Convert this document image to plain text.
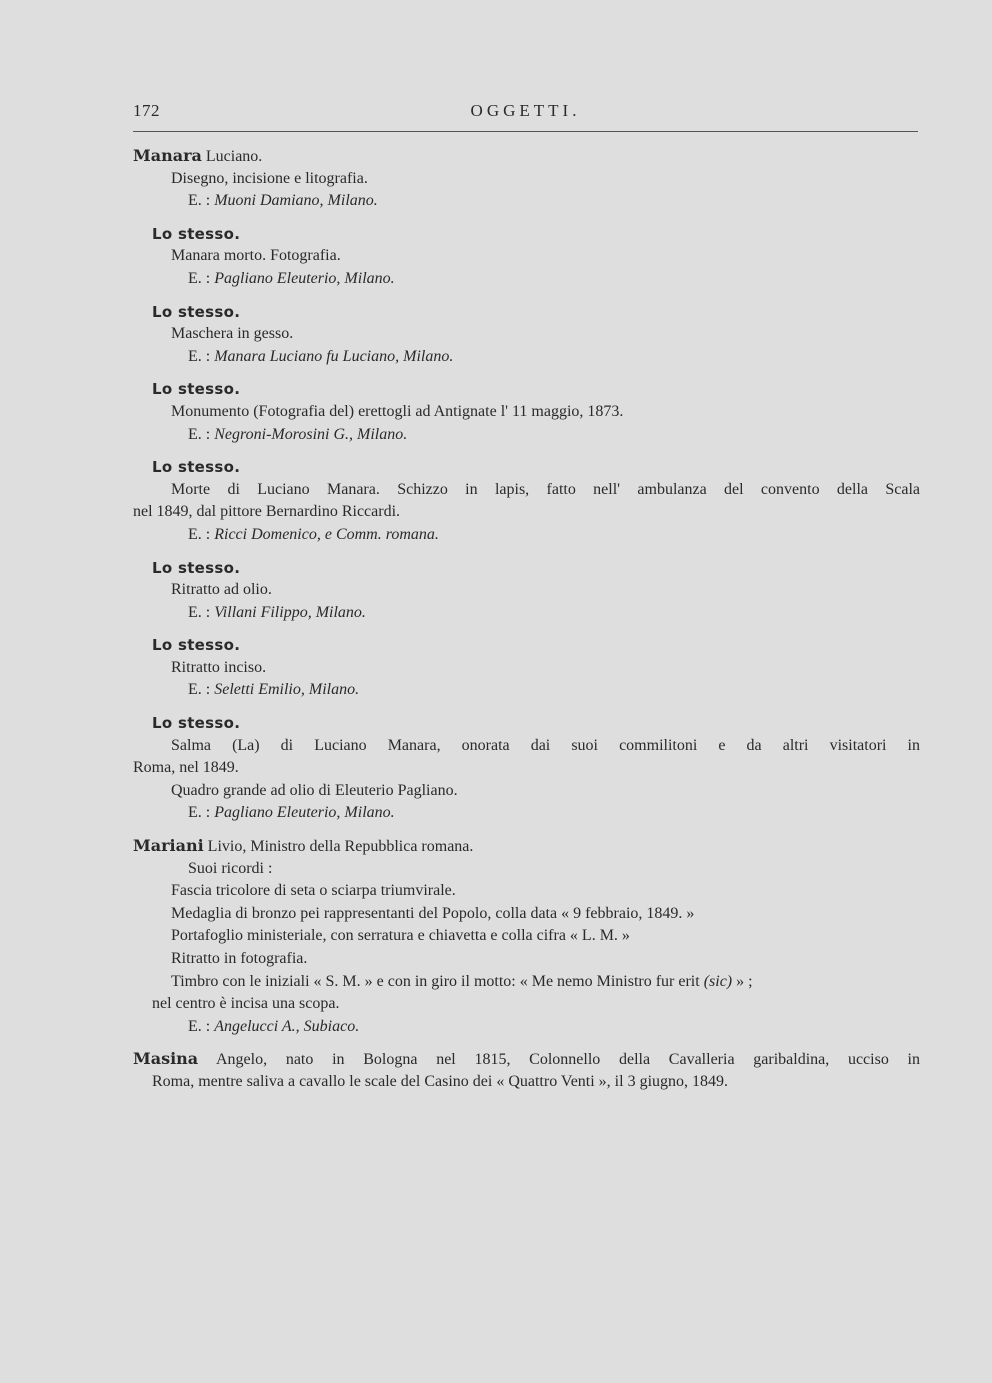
172	OGGETTI.
Manara Luciano.
Disegno, incisione e litografia.
E. : Muoni Damiano, Milano.
Lo stesso.
Manara morto. Fotografia.
E. : Pagliano Eleuterio, Milano.
Lo stesso.
Maschera in gesso.
E. : Manara Luciano fu Luciano, Milano.
Lo stesso.
Monumento (Fotografia del) erettogli ad Antignate l' 11 maggio, 1873.
E. : Negroni-Morosini G., Milano.
Lo stesso.
Morte di Luciano Manara. Schizzo in lapis, fatto nell' ambulanza del convento della Scala
nel 1849, dal pittore Bernardino Riccardi.
E. : Ricci Domenico, e Comm. romana.
Lo stesso.
Ritratto ad olio.
E. : Villani Filippo, Milano.
Lo stesso.
Ritratto inciso.
E. : Seletti Emilio, Milano.
Lo stesso.
Salma (La) di Luciano Manara, onorata dai suoi commilitoni e da altri visitatori in
Roma, nel 1849.
Quadro grande ad olio di Eleuterio Pagliano.
E. : Pagliano Eleuterio, Milano.
Mariani Livio, Ministro della Repubblica romana.
Suoi ricordi :
Fascia tricolore di seta o sciarpa triumvirale.
Medaglia di bronzo pei rappresentanti del Popolo, colla data « 9 febbraio, 1849. »
Portafoglio ministeriale, con serratura e chiavetta e colla cifra « L. M. »
Ritratto in fotografia.
Timbro con le iniziali « S. M. » e con in giro il motto: « Me nemo Ministro fur erit (sic) » ;
nel centro è incisa una scopa.
E. : Angelucci A., Subiaco.
Masina Angelo, nato in Bologna nel 1815, Colonnello della Cavalleria garibaldina, ucciso in
Roma, mentre saliva a cavallo le scale del Casino dei « Quattro Venti », il 3 giugno, 1849.
